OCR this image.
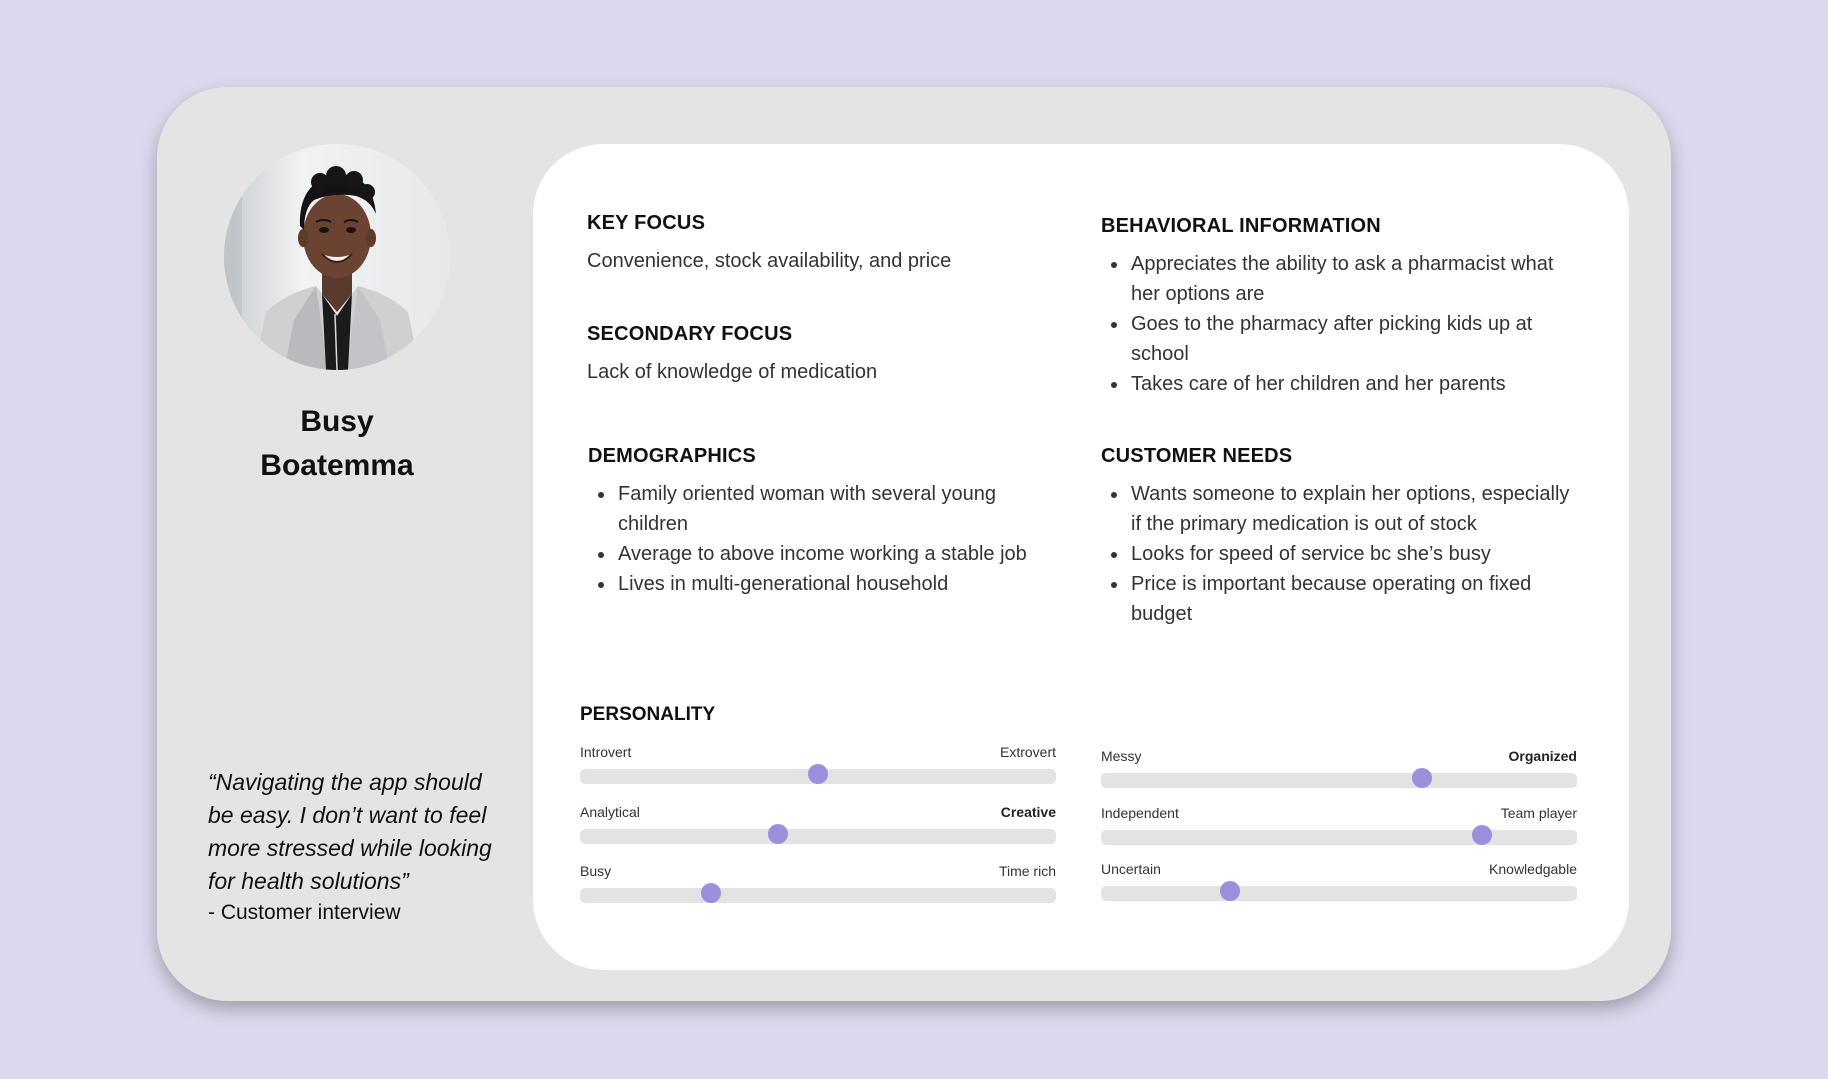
Busy
Boatemma

“Navigating the app should be easy. I don’t want to feel more stressed while looking for health solutions”

- Customer interview

KEY FOCUS

Convenience, stock availability, and price

SECONDARY FOCUS

Lack of knowledge of medication

DEMOGRAPHICS
Family oriented woman with several young children
Average to above income working a stable job
Lives in multi-generational household
BEHAVIORAL INFORMATION
Appreciates the ability to ask a pharmacist what her options are
Goes to the pharmacy after picking kids up at school
Takes care of her children and her parents
CUSTOMER NEEDS
Wants someone to explain her options, especially if the primary medication is out of stock
Looks for speed of service bc she’s busy
Price is important because operating on fixed budget
PERSONALITY
Introvert	Extrovert
Analytical	Creative
Busy	Time rich
Messy	Organized
Independent	Team player
Uncertain	Knowledgable
